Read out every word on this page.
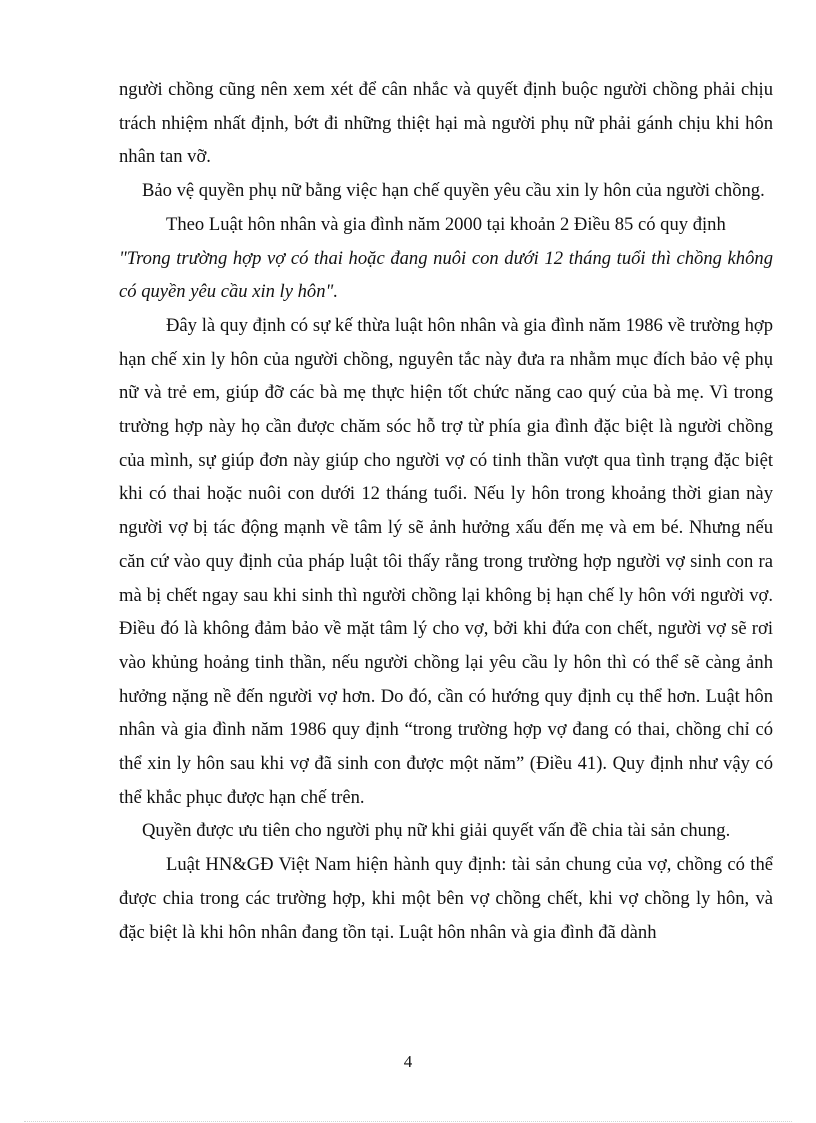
người chồng cũng nên xem xét để cân nhắc và quyết định buộc người chồng phải chịu trách nhiệm nhất định, bớt đi những thiệt hại mà người phụ nữ phải gánh chịu khi hôn nhân tan vỡ.

Bảo vệ quyền phụ nữ bằng việc hạn chế quyền yêu cầu xin ly hôn của người chồng.

Theo Luật hôn nhân và gia đình năm 2000 tại khoản 2 Điều 85 có quy định

"Trong trường hợp vợ có thai hoặc đang nuôi con dưới 12 tháng tuổi thì chồng không có quyền yêu cầu xin ly hôn".

Đây là quy định có sự kế thừa luật hôn nhân và gia đình năm 1986 về trường hợp hạn chế xin ly hôn của người chồng, nguyên tắc này đưa ra nhằm mục đích bảo vệ phụ nữ và trẻ em, giúp đỡ các bà mẹ thực hiện tốt chức năng cao quý của bà mẹ. Vì trong trường hợp này họ cần được chăm sóc hỗ trợ từ phía gia đình đặc biệt là người chồng của mình, sự giúp đơn này giúp cho người vợ có tinh thần vượt qua tình trạng đặc biệt khi có thai hoặc nuôi con dưới 12 tháng tuổi. Nếu ly hôn trong khoảng thời gian này người vợ bị tác động mạnh về tâm lý sẽ ảnh hưởng xấu đến mẹ và em bé. Nhưng nếu căn cứ vào quy định của pháp luật tôi thấy rằng trong trường hợp người vợ sinh con ra mà bị chết ngay sau khi sinh thì người chồng lại không bị hạn chế ly hôn với người vợ. Điều đó là không đảm bảo về mặt tâm lý cho vợ, bởi khi đứa con chết, người vợ sẽ rơi vào khủng hoảng tinh thần, nếu người chồng lại yêu cầu ly hôn thì có thể sẽ càng ảnh hưởng nặng nề đến người vợ hơn. Do đó, cần có hướng quy định cụ thể hơn. Luật hôn nhân và gia đình năm 1986 quy định “trong trường hợp vợ đang có thai, chồng chỉ có thể xin ly hôn sau khi vợ đã sinh con được một năm” (Điều 41). Quy định như vậy có thể khắc phục được hạn chế trên.

Quyền được ưu tiên cho người phụ nữ khi giải quyết vấn đề chia tài sản chung.

Luật HN&GĐ Việt Nam hiện hành quy định: tài sản chung của vợ, chồng có thể được chia trong các trường hợp, khi một bên vợ chồng chết, khi vợ chồng ly hôn, và đặc biệt là khi hôn nhân đang tồn tại. Luật hôn nhân và gia đình đã dành

4
